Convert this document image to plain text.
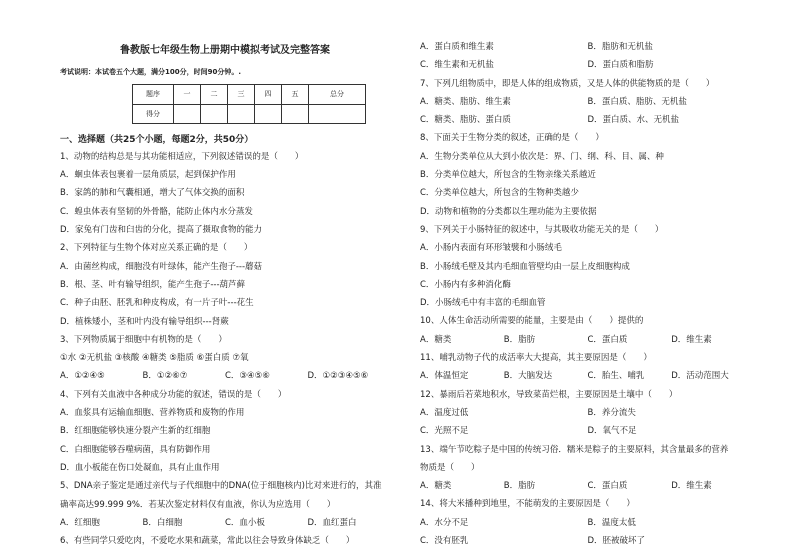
鲁教版七年级生物上册期中模拟考试及完整答案
考试说明：本试卷五个大题，满分100分，时间90分钟。.
题序	一	二	三	四	五	总分
得分						
一、选择题（共25个小题，每题2分，共50分）
1、动物的结构总是与其功能相适应，下列叙述错误的是（　　）
A．蛔虫体表包裹着一层角质层，起到保护作用
B．家鸽的肺和气囊相通，增大了气体交换的面积
C．蝗虫体表有坚韧的外骨骼，能防止体内水分蒸发
D．家兔有门齿和臼齿的分化，提高了摄取食物的能力
2、下列特征与生物个体对应关系正确的是（　　）
A．由菌丝构成，细胞没有叶绿体，能产生孢子---蘑菇
B．根、茎、叶有输导组织，能产生孢子---葫芦藓
C．种子由胚、胚乳和种皮构成，有一片子叶---花生
D．植株矮小，茎和叶内没有输导组织---肾蕨
3、下列物质属于细胞中有机物的是（　　）
①水 ②无机盐 ③核酸 ④糖类 ⑤脂质 ⑥蛋白质 ⑦氧
A．①②④⑤	B．①②⑥⑦	C．③④⑤⑥	D．①②③④⑤⑥
4、下列有关血液中各种成分功能的叙述，错误的是（　　）
A．血浆具有运输血细胞、营养物质和废物的作用
B．红细胞能够快速分裂产生新的红细胞
C．白细胞能够吞噬病菌，具有防御作用
D．血小板能在伤口处凝血，具有止血作用
5、DNA亲子鉴定是通过亲代与子代细胞中的DNA(位于细胞核内)比对来进行的，其准
确率高达99.999 9%．若某次鉴定材料仅有血液，你认为应选用（　　）
A．红细胞	B．白细胞	C．血小板	D．血红蛋白
6、有些同学只爱吃肉，不爱吃水果和蔬菜，常此以往会导致身体缺乏（　　）
A．蛋白质和维生素	B．脂肪和无机盐
C．维生素和无机盐	D．蛋白质和脂肪
7、下列几组物质中，即是人体的组成物质，又是人体的供能物质的是（　　）
A．糖类、脂肪、维生素	B．蛋白质、脂肪、无机盐
C．糖类、脂肪、蛋白质	D．蛋白质、水、无机盐
8、下面关于生物分类的叙述，正确的是（　　）
A．生物分类单位从大到小依次是：界、门、纲、科、目、属、种
B．分类单位越大，所包含的生物亲缘关系越近
C．分类单位越大，所包含的生物种类越少
D．动物和植物的分类都以生理功能为主要依据
9、下列关于小肠特征的叙述中，与其吸收功能无关的是（　　）
A．小肠内表面有环形皱襞和小肠绒毛
B．小肠绒毛壁及其内毛细血管壁均由一层上皮细胞构成
C．小肠内有多种消化酶
D．小肠绒毛中有丰富的毛细血管
10、人体生命活动所需要的能量，主要是由（　　）提供的
A．糖类	B．脂肪	C．蛋白质	D．维生素
11、哺乳动物子代的成活率大大提高，其主要原因是（　　）
A．体温恒定	B．大脑发达	C．胎生、哺乳	D．活动范围大
12、暴雨后若菜地积水，导致菜苗烂根，主要原因是土壤中（　　）
A．温度过低	B．养分流失
C．光照不足	D．氧气不足
13、端午节吃粽子是中国的传统习俗．糯米是粽子的主要原料，其含量最多的营养
物质是（　　）
A．糖类	B．脂肪	C．蛋白质	D．维生素
14、将大米播种到地里，不能萌发的主要原因是（　　）
A．水分不足	B．温度太低
C．没有胚乳	D．胚被破坏了
